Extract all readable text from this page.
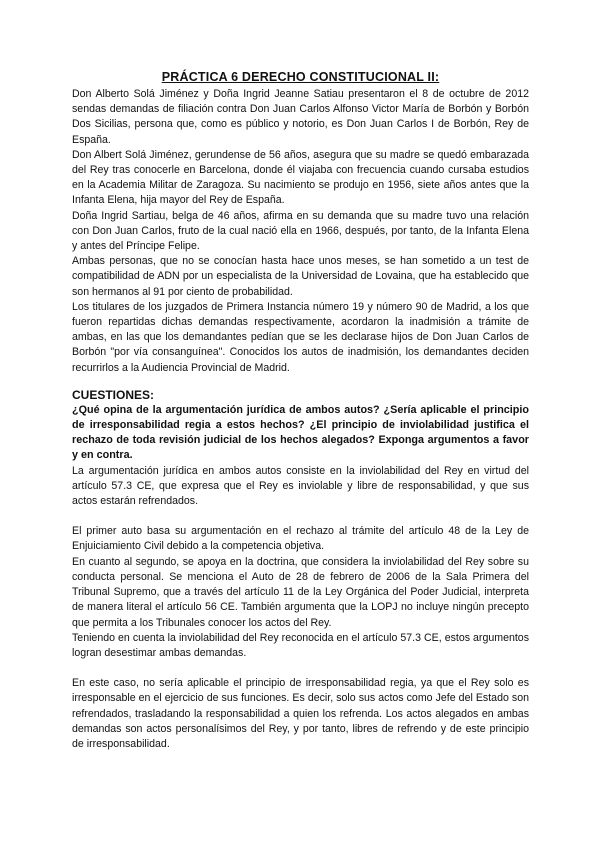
PRÁCTICA 6 DERECHO CONSTITUCIONAL II:

Don Alberto Solá Jiménez y Doña Ingrid Jeanne Satiau presentaron el 8 de octubre de 2012 sendas demandas de filiación contra Don Juan Carlos Alfonso Victor María de Borbón y Borbón Dos Sicilias, persona que, como es público y notorio, es Don Juan Carlos I de Borbón, Rey de España.

Don Albert Solá Jiménez, gerundense de 56 años, asegura que su madre se quedó embarazada del Rey tras conocerle en Barcelona, donde él viajaba con frecuencia cuando cursaba estudios en la Academia Militar de Zaragoza. Su nacimiento se produjo en 1956, siete años antes que la Infanta Elena, hija mayor del Rey de España.

Doña Ingrid Sartiau, belga de 46 años, afirma en su demanda que su madre tuvo una relación con Don Juan Carlos, fruto de la cual nació ella en 1966, después, por tanto, de la Infanta Elena y antes del Príncipe Felipe.

Ambas personas, que no se conocían hasta hace unos meses, se han sometido a un test de compatibilidad de ADN por un especialista de la Universidad de Lovaina, que ha establecido que son hermanos al 91 por ciento de probabilidad.

Los titulares de los juzgados de Primera Instancia número 19 y número 90 de Madrid, a los que fueron repartidas dichas demandas respectivamente, acordaron la inadmisión a trámite de ambas, en las que los demandantes pedían que se les declarase hijos de Don Juan Carlos de Borbón "por vía consanguínea". Conocidos los autos de inadmisión, los demandantes deciden recurrirlos a la Audiencia Provincial de Madrid.

CUESTIONES:

¿Qué opina de la argumentación jurídica de ambos autos? ¿Sería aplicable el principio de irresponsabilidad regia a estos hechos? ¿El principio de inviolabilidad justifica el rechazo de toda revisión judicial de los hechos alegados? Exponga argumentos a favor y en contra.

La argumentación jurídica en ambos autos consiste en la inviolabilidad del Rey en virtud del artículo 57.3 CE, que expresa que el Rey es inviolable y libre de responsabilidad, y que sus actos estarán refrendados.

El primer auto basa su argumentación en el rechazo al trámite del artículo 48 de la Ley de Enjuiciamiento Civil debido a la competencia objetiva.

En cuanto al segundo, se apoya en la doctrina, que considera la inviolabilidad del Rey sobre su conducta personal. Se menciona el Auto de 28 de febrero de 2006 de la Sala Primera del Tribunal Supremo, que a través del artículo 11 de la Ley Orgánica del Poder Judicial, interpreta de manera literal el artículo 56 CE. También argumenta que la LOPJ no incluye ningún precepto que permita a los Tribunales conocer los actos del Rey.

Teniendo en cuenta la inviolabilidad del Rey reconocida en el artículo 57.3 CE, estos argumentos logran desestimar ambas demandas.

En este caso, no sería aplicable el principio de irresponsabilidad regia, ya que el Rey solo es irresponsable en el ejercicio de sus funciones. Es decir, solo sus actos como Jefe del Estado son refrendados, trasladando la responsabilidad a quien los refrenda. Los actos alegados en ambas demandas son actos personalísimos del Rey, y por tanto, libres de refrendo y de este principio de irresponsabilidad.
